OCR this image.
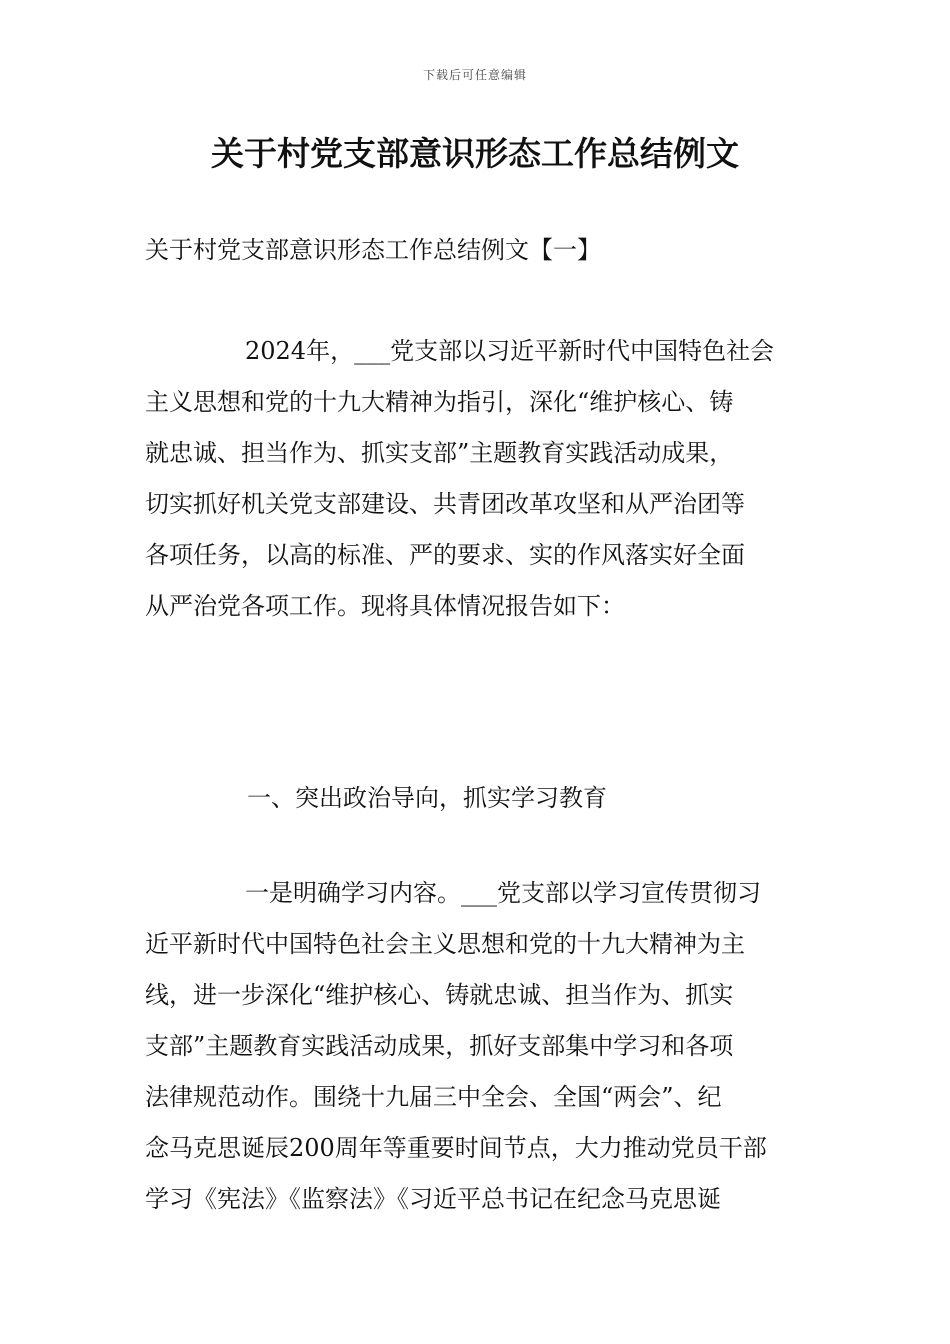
下载后可任意编辑
关于村党支部意识形态工作总结例文
关于村党支部意识形态工作总结例文【一】
2024年，___党支部以习近平新时代中国特色社会
主义思想和党的十九大精神为指引，深化“维护核心、铸
就忠诚、担当作为、抓实支部”主题教育实践活动成果，
切实抓好机关党支部建设、共青团改革攻坚和从严治团等
各项任务，以高的标准、严的要求、实的作风落实好全面
从严治党各项工作。现将具体情况报告如下：
一、突出政治导向，抓实学习教育
一是明确学习内容。___党支部以学习宣传贯彻习
近平新时代中国特色社会主义思想和党的十九大精神为主
线，进一步深化“维护核心、铸就忠诚、担当作为、抓实
支部”主题教育实践活动成果，抓好支部集中学习和各项
法律规范动作。围绕十九届三中全会、全国“两会”、纪
念马克思诞辰200周年等重要时间节点，大力推动党员干部
学习《宪法》《监察法》《习近平总书记在纪念马克思诞
